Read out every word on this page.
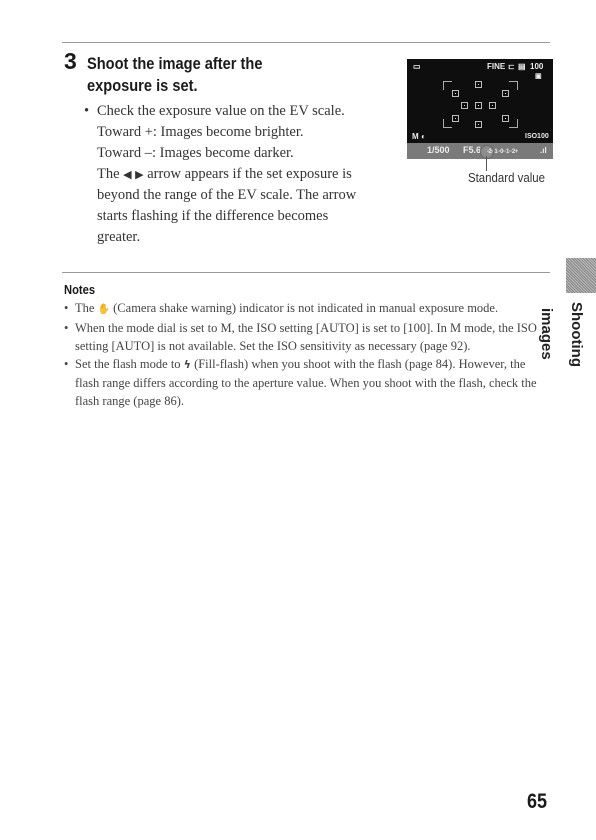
3 Shoot the image after the
exposure is set.

• Check the exposure value on the EV scale.

Toward +: Images become brighter.

Toward –: Images become darker.

The ◀ ▶ arrow appears if the set exposure is beyond the range of the EV scale. The arrow starts flashing if the difference becomes greater.

▭	FINE ⊏ ▤ 100
▣
M ◐	ISO100
1/500 F5.6 -2··1··0··1··2+	.ıl
Standard value
Notes

• The ✋ (Camera shake warning) indicator is not indicated in manual exposure mode.

• When the mode dial is set to M, the ISO setting [AUTO] is set to [100]. In M mode, the ISO setting [AUTO] is not available. Set the ISO sensitivity as necessary (page 92).

• Set the flash mode to ϟ (Fill-flash) when you shoot with the flash (page 84). However, the flash range differs according to the aperture value. When you shoot with the flash, check the flash range (page 86).

Shooting images
65
